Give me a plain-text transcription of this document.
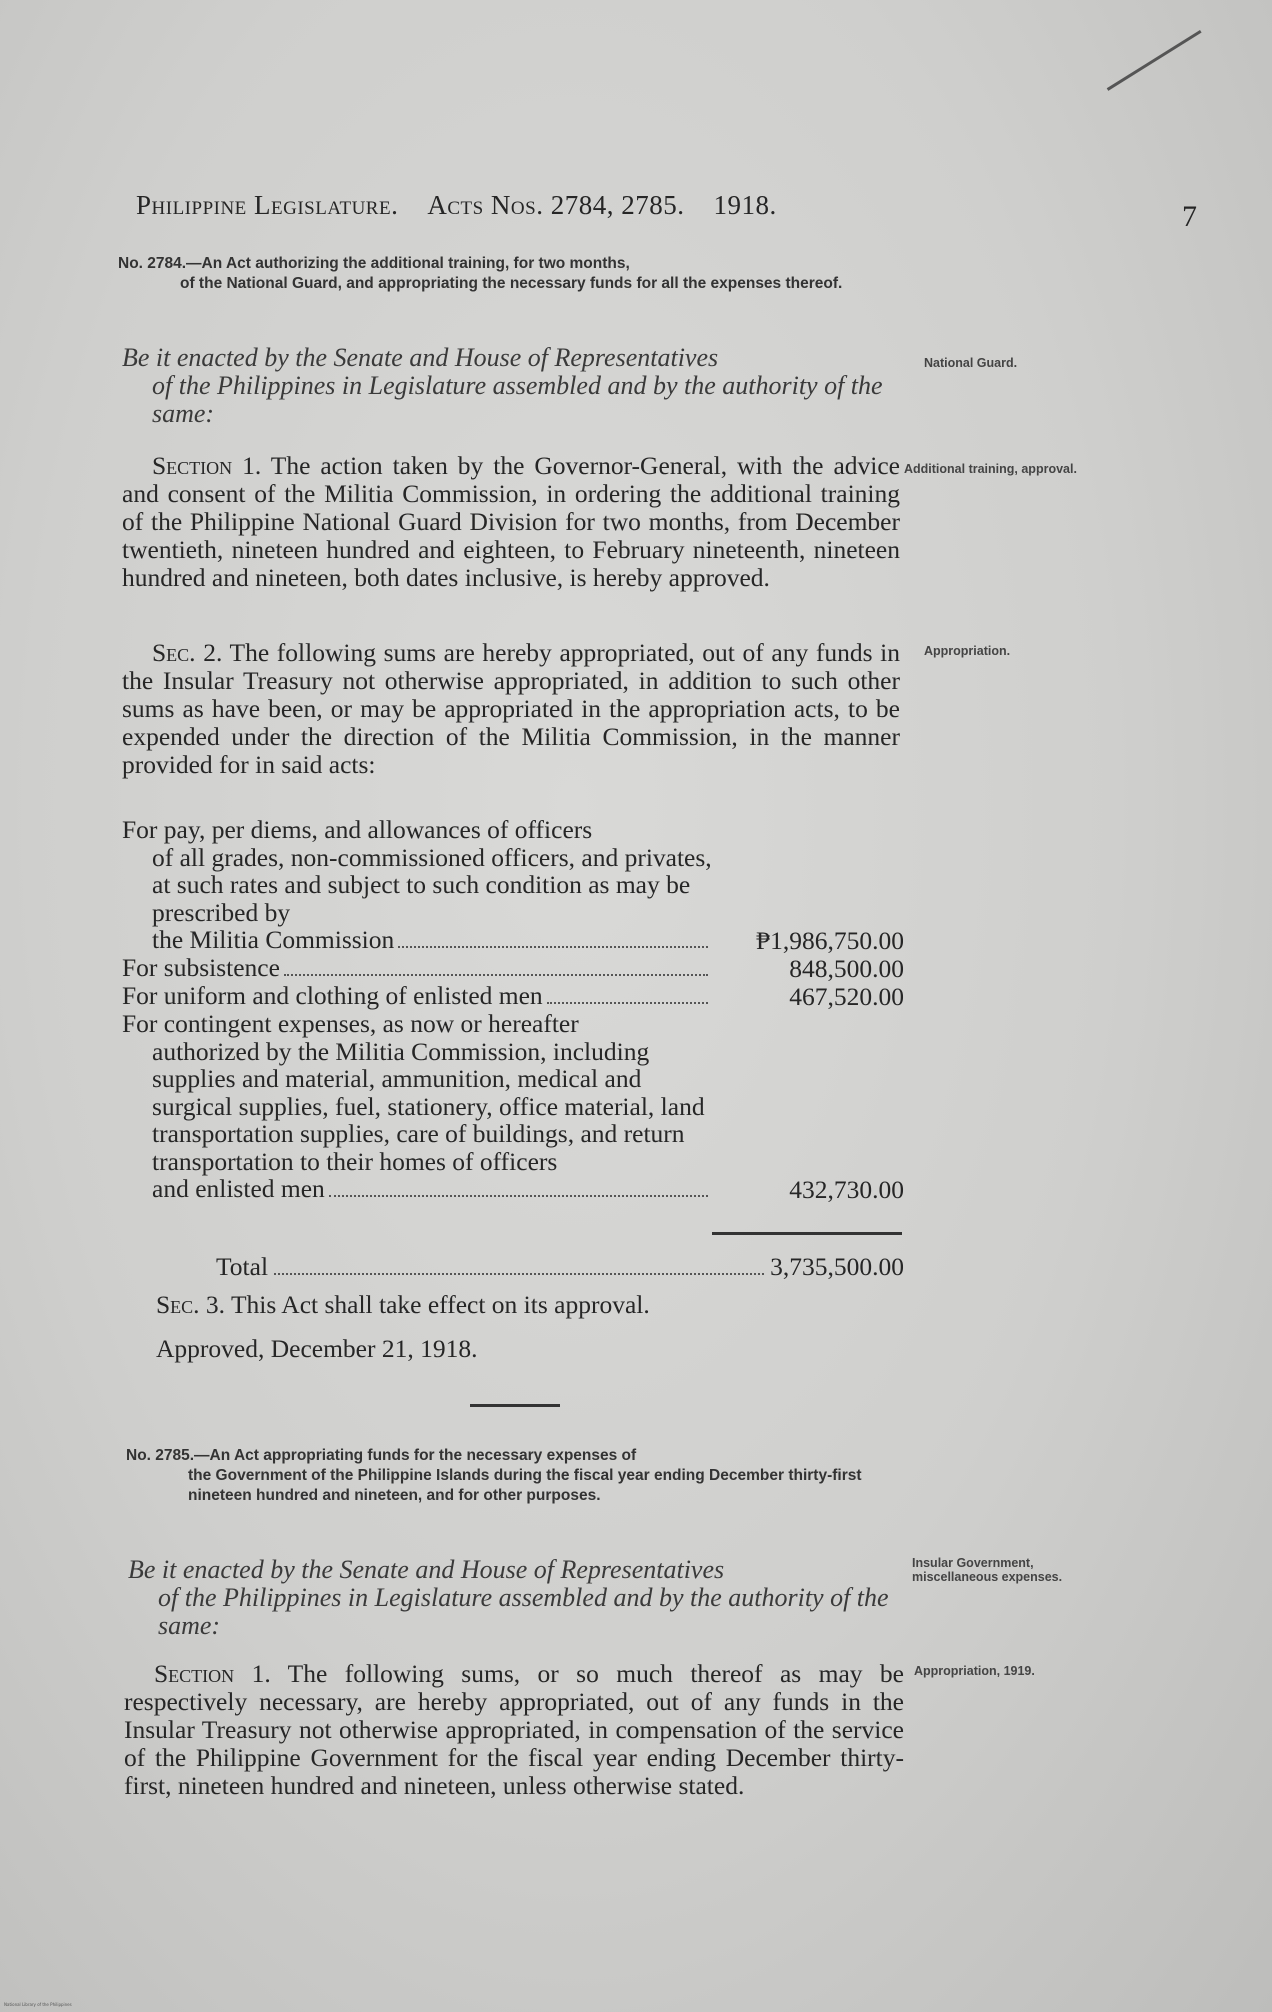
Philippine Legislature. Acts Nos. 2784, 2785. 1918.	7
No. 2784.—An Act authorizing the additional training, for two months,
of the National Guard, and appropriating the necessary funds for all the expenses thereof.
Be it enacted by the Senate and House of Representatives
of the Philippines in Legislature assembled and by the authority of the same:
National Guard.
Section 1. The action taken by the Governor-General, with the advice and consent of the Militia Commission, in ordering the additional training of the Philippine National Guard Division for two months, from December twentieth, nineteen hundred and eighteen, to February nineteenth, nineteen hundred and nineteen, both dates inclusive, is hereby approved.
Additional training, approval.
Sec. 2. The following sums are hereby appropriated, out of any funds in the Insular Treasury not otherwise appropriated, in addition to such other sums as have been, or may be appropriated in the appropriation acts, to be expended under the direction of the Militia Commission, in the manner provided for in said acts:
Appropriation.
For pay, per diems, and allowances of officers
of all grades, non-commissioned officers, and privates, at such rates and subject to such condition as may be prescribed by
the Militia Commission	₱1,986,750.00
For subsistence	848,500.00
For uniform and clothing of enlisted men	467,520.00
For contingent expenses, as now or hereafter
authorized by the Militia Commission, including supplies and material, ammunition, medical and surgical supplies, fuel, stationery, office material, land transportation supplies, care of buildings, and return transportation to their homes of officers
and enlisted men	432,730.00
Total	3,735,500.00
Sec. 3. This Act shall take effect on its approval.
Approved, December 21, 1918.
No. 2785.—An Act appropriating funds for the necessary expenses of
the Government of the Philippine Islands during the fiscal year ending December thirty-first nineteen hundred and nineteen, and for other purposes.
Be it enacted by the Senate and House of Representatives
of the Philippines in Legislature assembled and by the authority of the same:
Insular Government, miscellaneous expenses.
Section 1. The following sums, or so much thereof as may be respectively necessary, are hereby appropriated, out of any funds in the Insular Treasury not otherwise appropriated, in compensation of the service of the Philippine Government for the fiscal year ending December thirty-first, nineteen hundred and nineteen, unless otherwise stated.
Appropriation, 1919.
National Library of the Philippines
